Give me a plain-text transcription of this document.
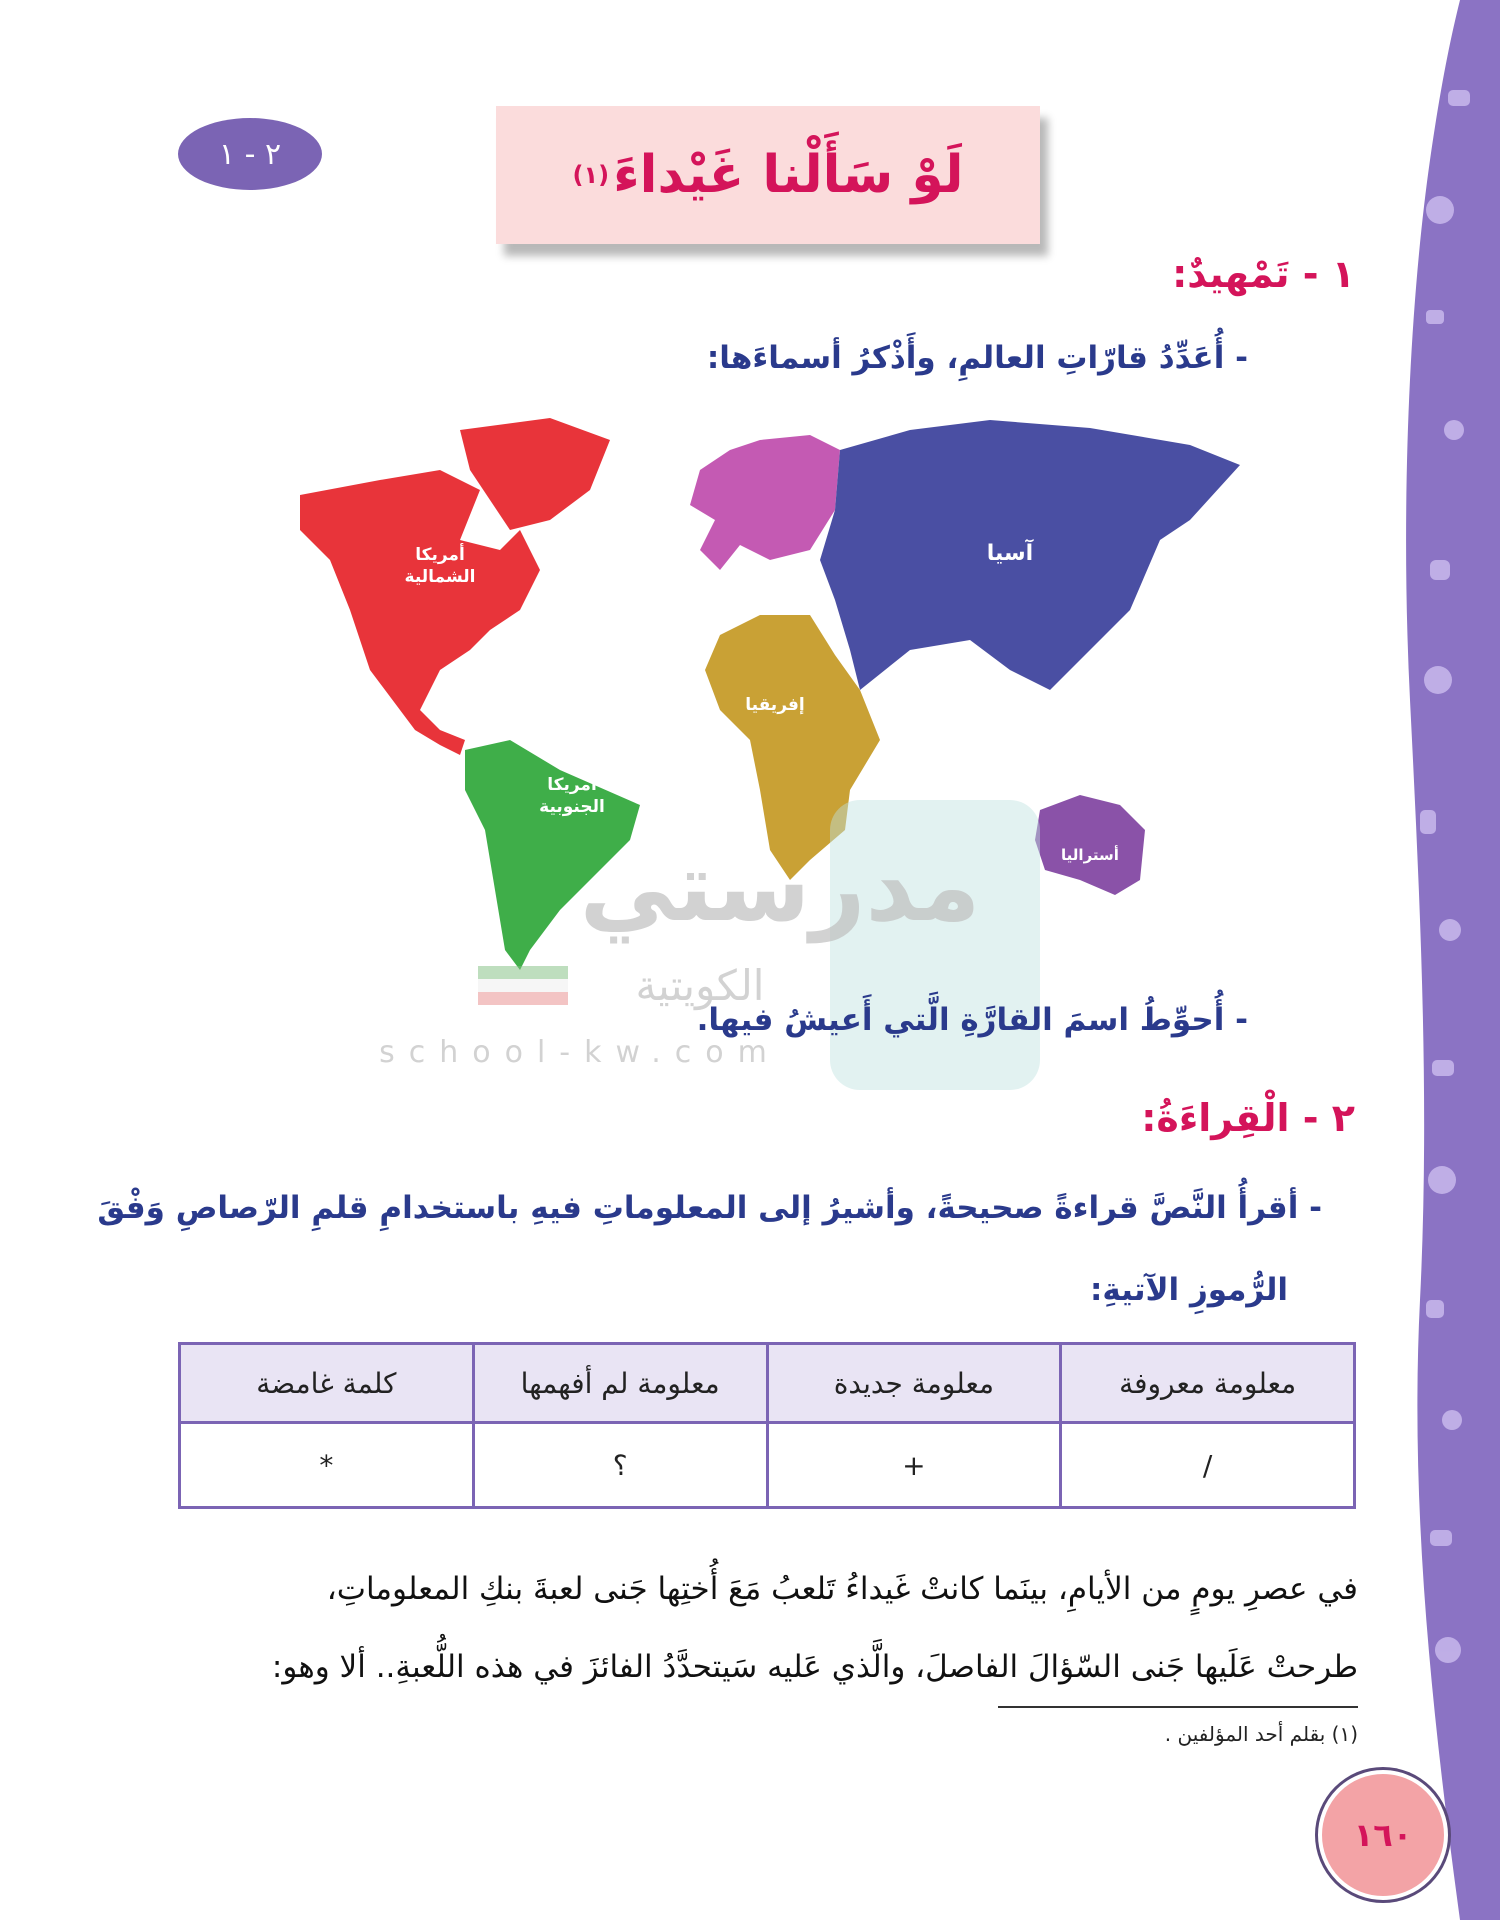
٢ - ١	لَوْ سَأَلْنا غَيْداءَ
(١)
١ - تَمْهيدٌ:
- أُعَدِّدُ قارّاتِ العالمِ، وأَذْكرُ أسماءَها:
أمريكا
الشمالية
آسيا
أوروبا
إفريقيا
أمريكا
الجنوبية
أستراليا
مدرستي
الكويتية
school-kw.com
- أُحوِّطُ اسمَ القارَّةِ الَّتي أَعيشُ فيها.
٢ - الْقِراءَةُ:
- أقرأُ النَّصَّ قراءةً صحيحةً، وأشيرُ إلى المعلوماتِ فيهِ باستخدامِ قلمِ الرّصاصِ وَفْقَ
الرُّموزِ الآتيةِ:
معلومة معروفة	معلومة جديدة	معلومة لم أفهمها	كلمة غامضة
/	+	؟	*
في عصرِ يومٍ من الأيامِ، بينَما كانتْ غَيداءُ تَلعبُ مَعَ أُختِها جَنى لعبةَ بنكِ المعلوماتِ،
طرحتْ عَلَيها جَنى السّؤالَ الفاصلَ، والَّذي عَليه سَيتحدَّدُ الفائزَ في هذه اللُّعبةِ.. ألا وهو:
(١) بقلم أحد المؤلفين .
١٦٠
